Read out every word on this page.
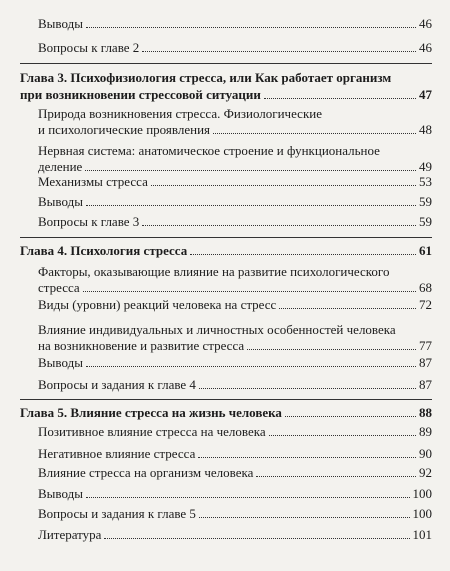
Выводы	46
Вопросы к главе 2	46
Глава 3. Психофизиология стресса, или Как работает организм
при возникновении стрессовой ситуации	47
Природа возникновения стресса. Физиологические
и психологические проявления	48
Нервная система: анатомическое строение и функциональное
деление	49
Механизмы стресса	53
Выводы	59
Вопросы к главе 3	59
Глава 4. Психология стресса	61
Факторы, оказывающие влияние на развитие психологического
стресса	68
Виды (уровни) реакций человека на стресс	72
Влияние индивидуальных и личностных особенностей человека
на возникновение и развитие стресса	77
Выводы	87
Вопросы и задания к главе 4	87
Глава 5. Влияние стресса на жизнь человека	88
Позитивное влияние стресса на человека	89
Негативное влияние стресса	90
Влияние стресса на организм человека	92
Выводы	100
Вопросы и задания к главе 5	100
Литература	101
